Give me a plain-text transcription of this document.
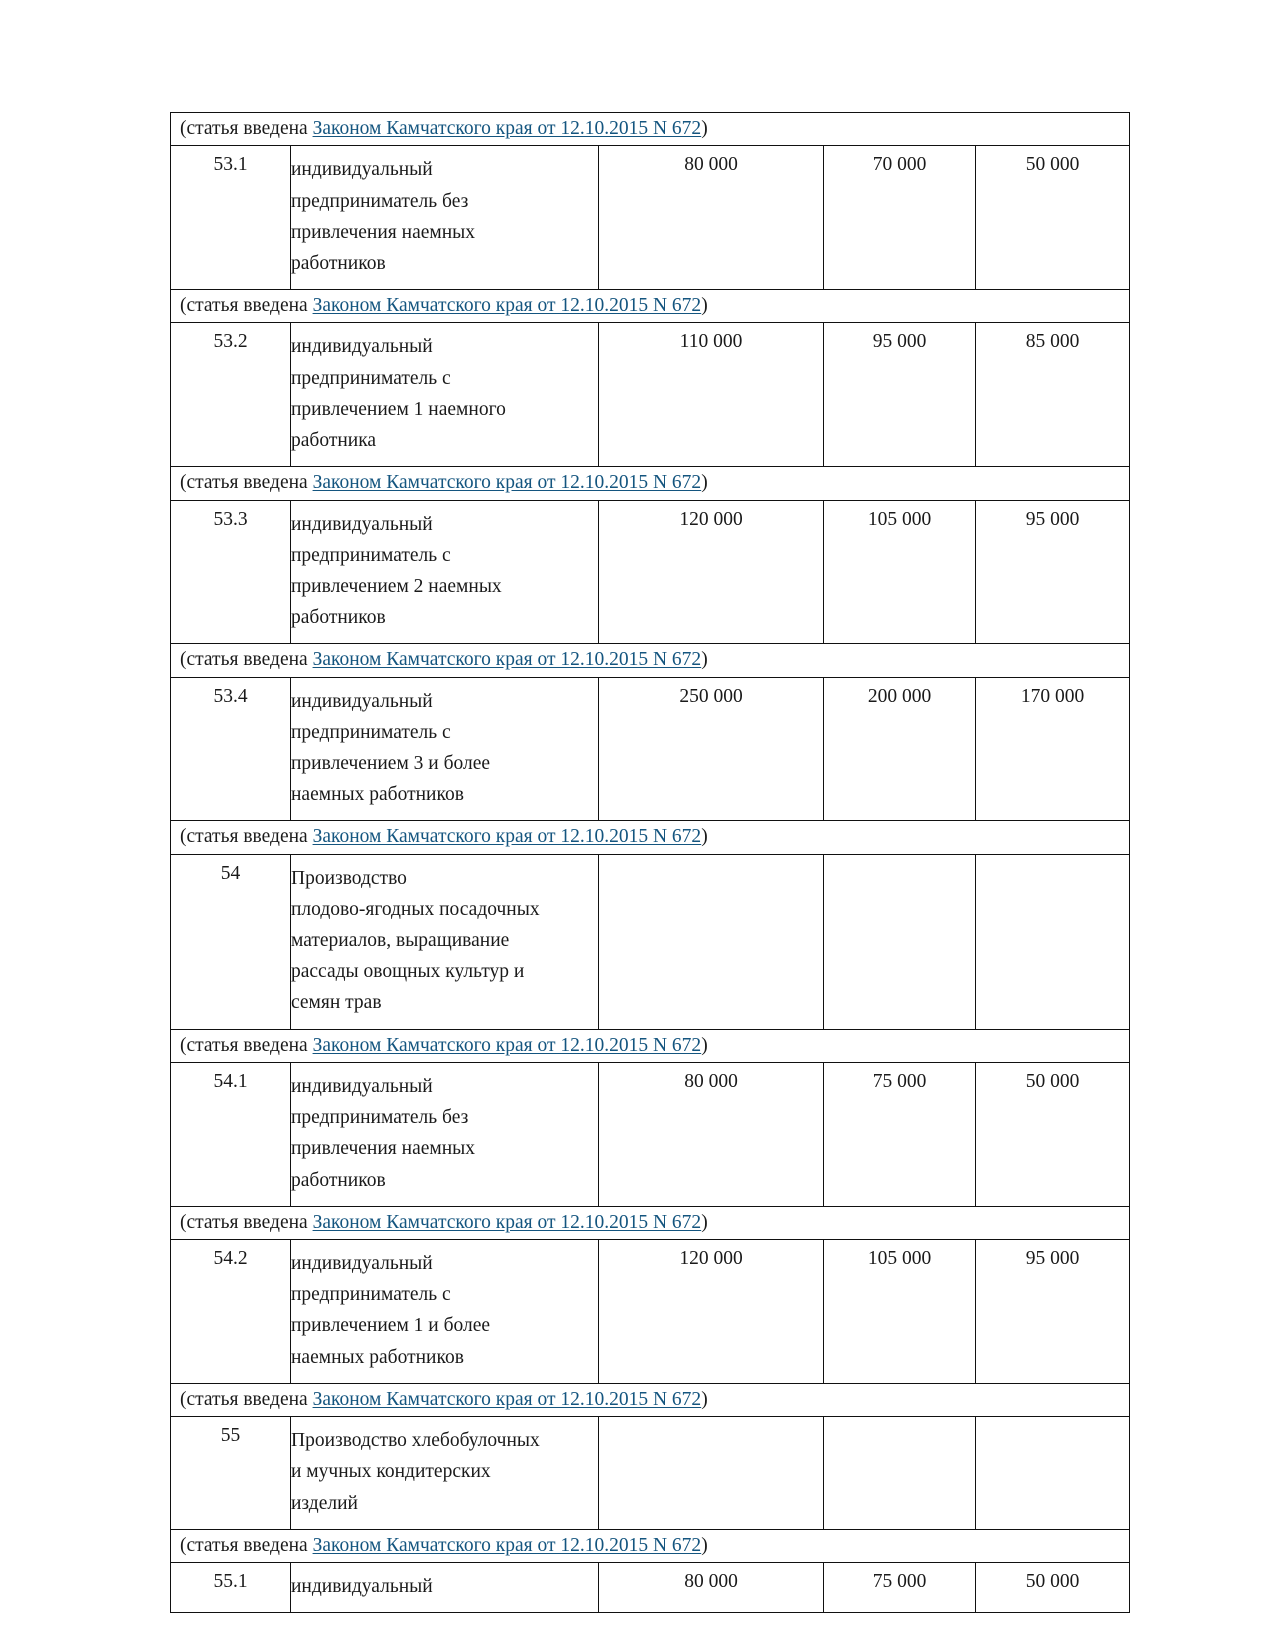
(статья введена Законом Камчатского края от 12.10.2015 N 672)				
53.1	индивидуальный
предприниматель без
привлечения наемных
работников	80 000	70 000	50 000
(статья введена Законом Камчатского края от 12.10.2015 N 672)				
53.2	индивидуальный
предприниматель с
привлечением 1 наемного
работника	110 000	95 000	85 000
(статья введена Законом Камчатского края от 12.10.2015 N 672)				
53.3	индивидуальный
предприниматель с
привлечением 2 наемных
работников	120 000	105 000	95 000
(статья введена Законом Камчатского края от 12.10.2015 N 672)				
53.4	индивидуальный
предприниматель с
привлечением 3 и более
наемных работников	250 000	200 000	170 000
(статья введена Законом Камчатского края от 12.10.2015 N 672)				
54	Производство
плодово-ягодных посадочных
материалов, выращивание
рассады овощных культур и
семян трав			

(статья введена Законом Камчатского края от 12.10.2015 N 672)				
54.1	индивидуальный
предприниматель без
привлечения наемных
работников	80 000	75 000	50 000
(статья введена Законом Камчатского края от 12.10.2015 N 672)				
54.2	индивидуальный
предприниматель с
привлечением 1 и более
наемных работников	120 000	105 000	95 000
(статья введена Законом Камчатского края от 12.10.2015 N 672)				
55	Производство хлебобулочных
и мучных кондитерских
изделий			

(статья введена Законом Камчатского края от 12.10.2015 N 672)				
55.1	индивидуальный	80 000	75 000	50 000
